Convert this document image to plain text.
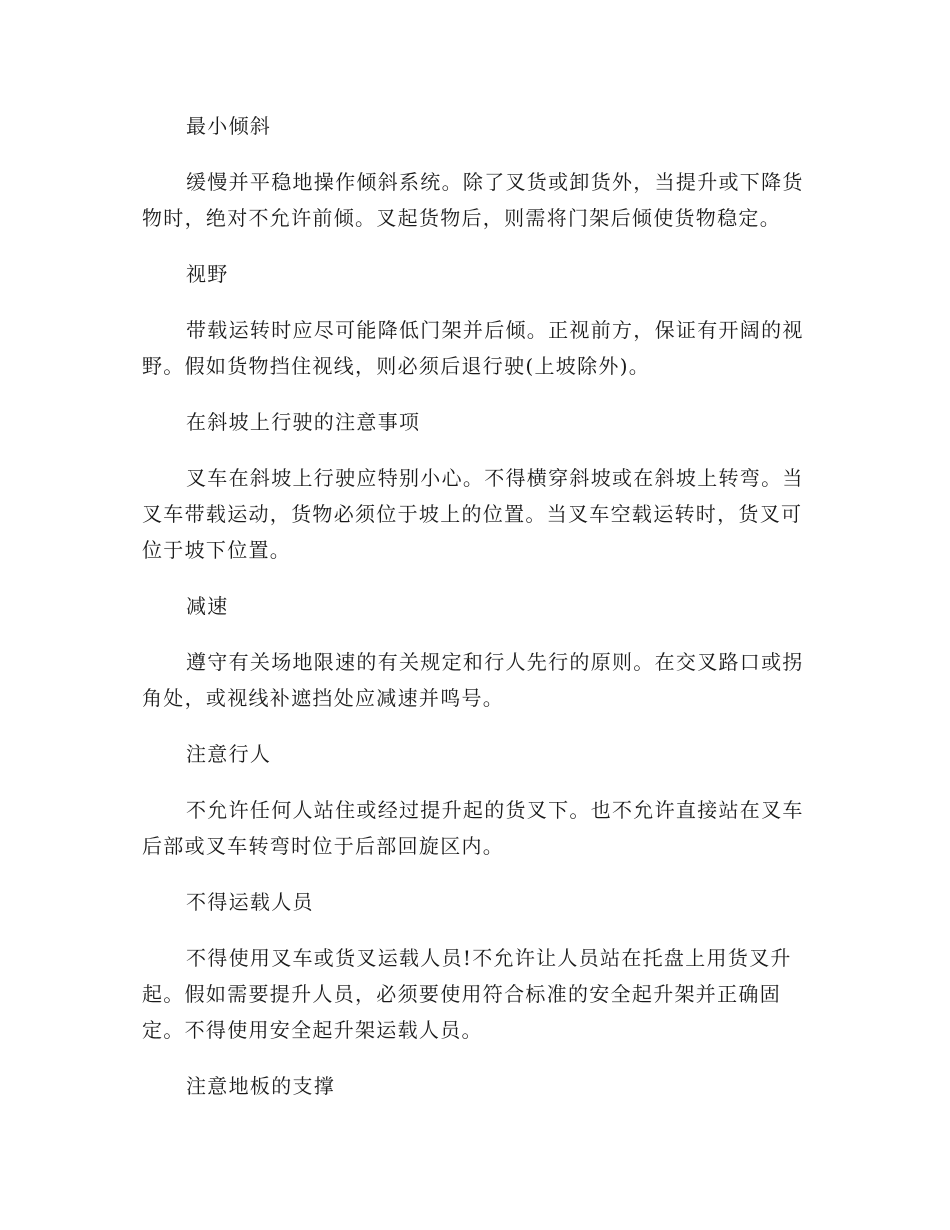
最小倾斜
缓慢并平稳地操作倾斜系统。除了叉货或卸货外，当提升或下降货物时，绝对不允许前倾。叉起货物后，则需将门架后倾使货物稳定。
视野
带载运转时应尽可能降低门架并后倾。正视前方，保证有开阔的视野。假如货物挡住视线，则必须后退行驶(上坡除外)。
在斜坡上行驶的注意事项
叉车在斜坡上行驶应特别小心。不得横穿斜坡或在斜坡上转弯。当叉车带载运动，货物必须位于坡上的位置。当叉车空载运转时，货叉可位于坡下位置。
减速
遵守有关场地限速的有关规定和行人先行的原则。在交叉路口或拐角处，或视线补遮挡处应减速并鸣号。
注意行人
不允许任何人站住或经过提升起的货叉下。也不允许直接站在叉车后部或叉车转弯时位于后部回旋区内。
不得运载人员
不得使用叉车或货叉运载人员!不允许让人员站在托盘上用货叉升起。假如需要提升人员，必须要使用符合标准的安全起升架并正确固定。不得使用安全起升架运载人员。
注意地板的支撑
